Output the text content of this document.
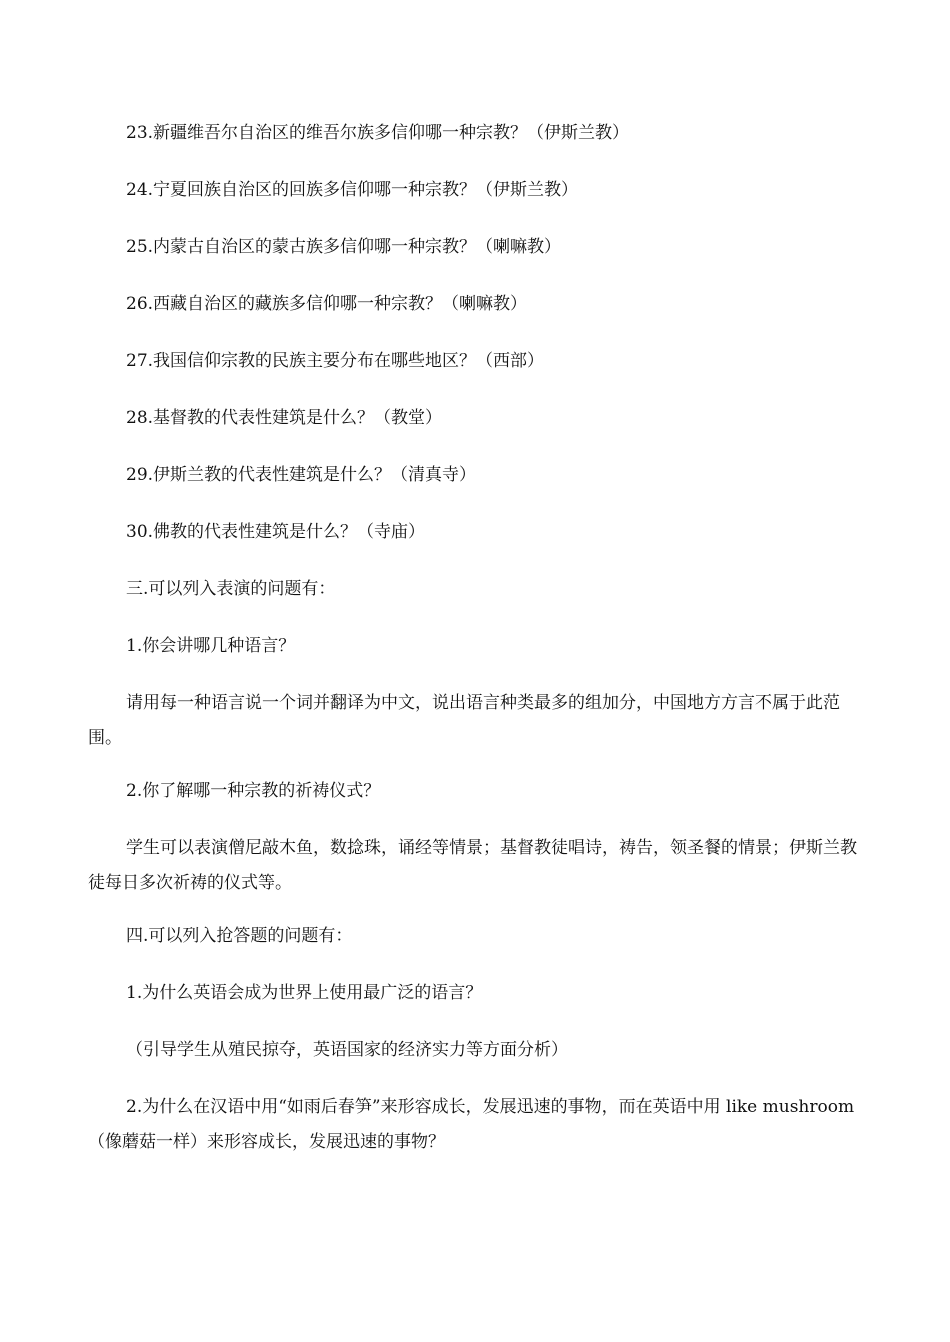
23.新疆维吾尔自治区的维吾尔族多信仰哪一种宗教？（伊斯兰教）

24.宁夏回族自治区的回族多信仰哪一种宗教？（伊斯兰教）

25.内蒙古自治区的蒙古族多信仰哪一种宗教？（喇嘛教）

26.西藏自治区的藏族多信仰哪一种宗教？（喇嘛教）

27.我国信仰宗教的民族主要分布在哪些地区？（西部）

28.基督教的代表性建筑是什么？（教堂）

29.伊斯兰教的代表性建筑是什么？（清真寺）

30.佛教的代表性建筑是什么？（寺庙）

三.可以列入表演的问题有：

1.你会讲哪几种语言？

请用每一种语言说一个词并翻译为中文，说出语言种类最多的组加分，中国地方方言不属于此范围。

2.你了解哪一种宗教的祈祷仪式？

学生可以表演僧尼敲木鱼，数捻珠，诵经等情景；基督教徒唱诗，祷告，领圣餐的情景；伊斯兰教徒每日多次祈祷的仪式等。

四.可以列入抢答题的问题有：

1.为什么英语会成为世界上使用最广泛的语言？

（引导学生从殖民掠夺，英语国家的经济实力等方面分析）

2.为什么在汉语中用“如雨后春笋”来形容成长，发展迅速的事物，而在英语中用 like mushroom（像蘑菇一样）来形容成长，发展迅速的事物？
